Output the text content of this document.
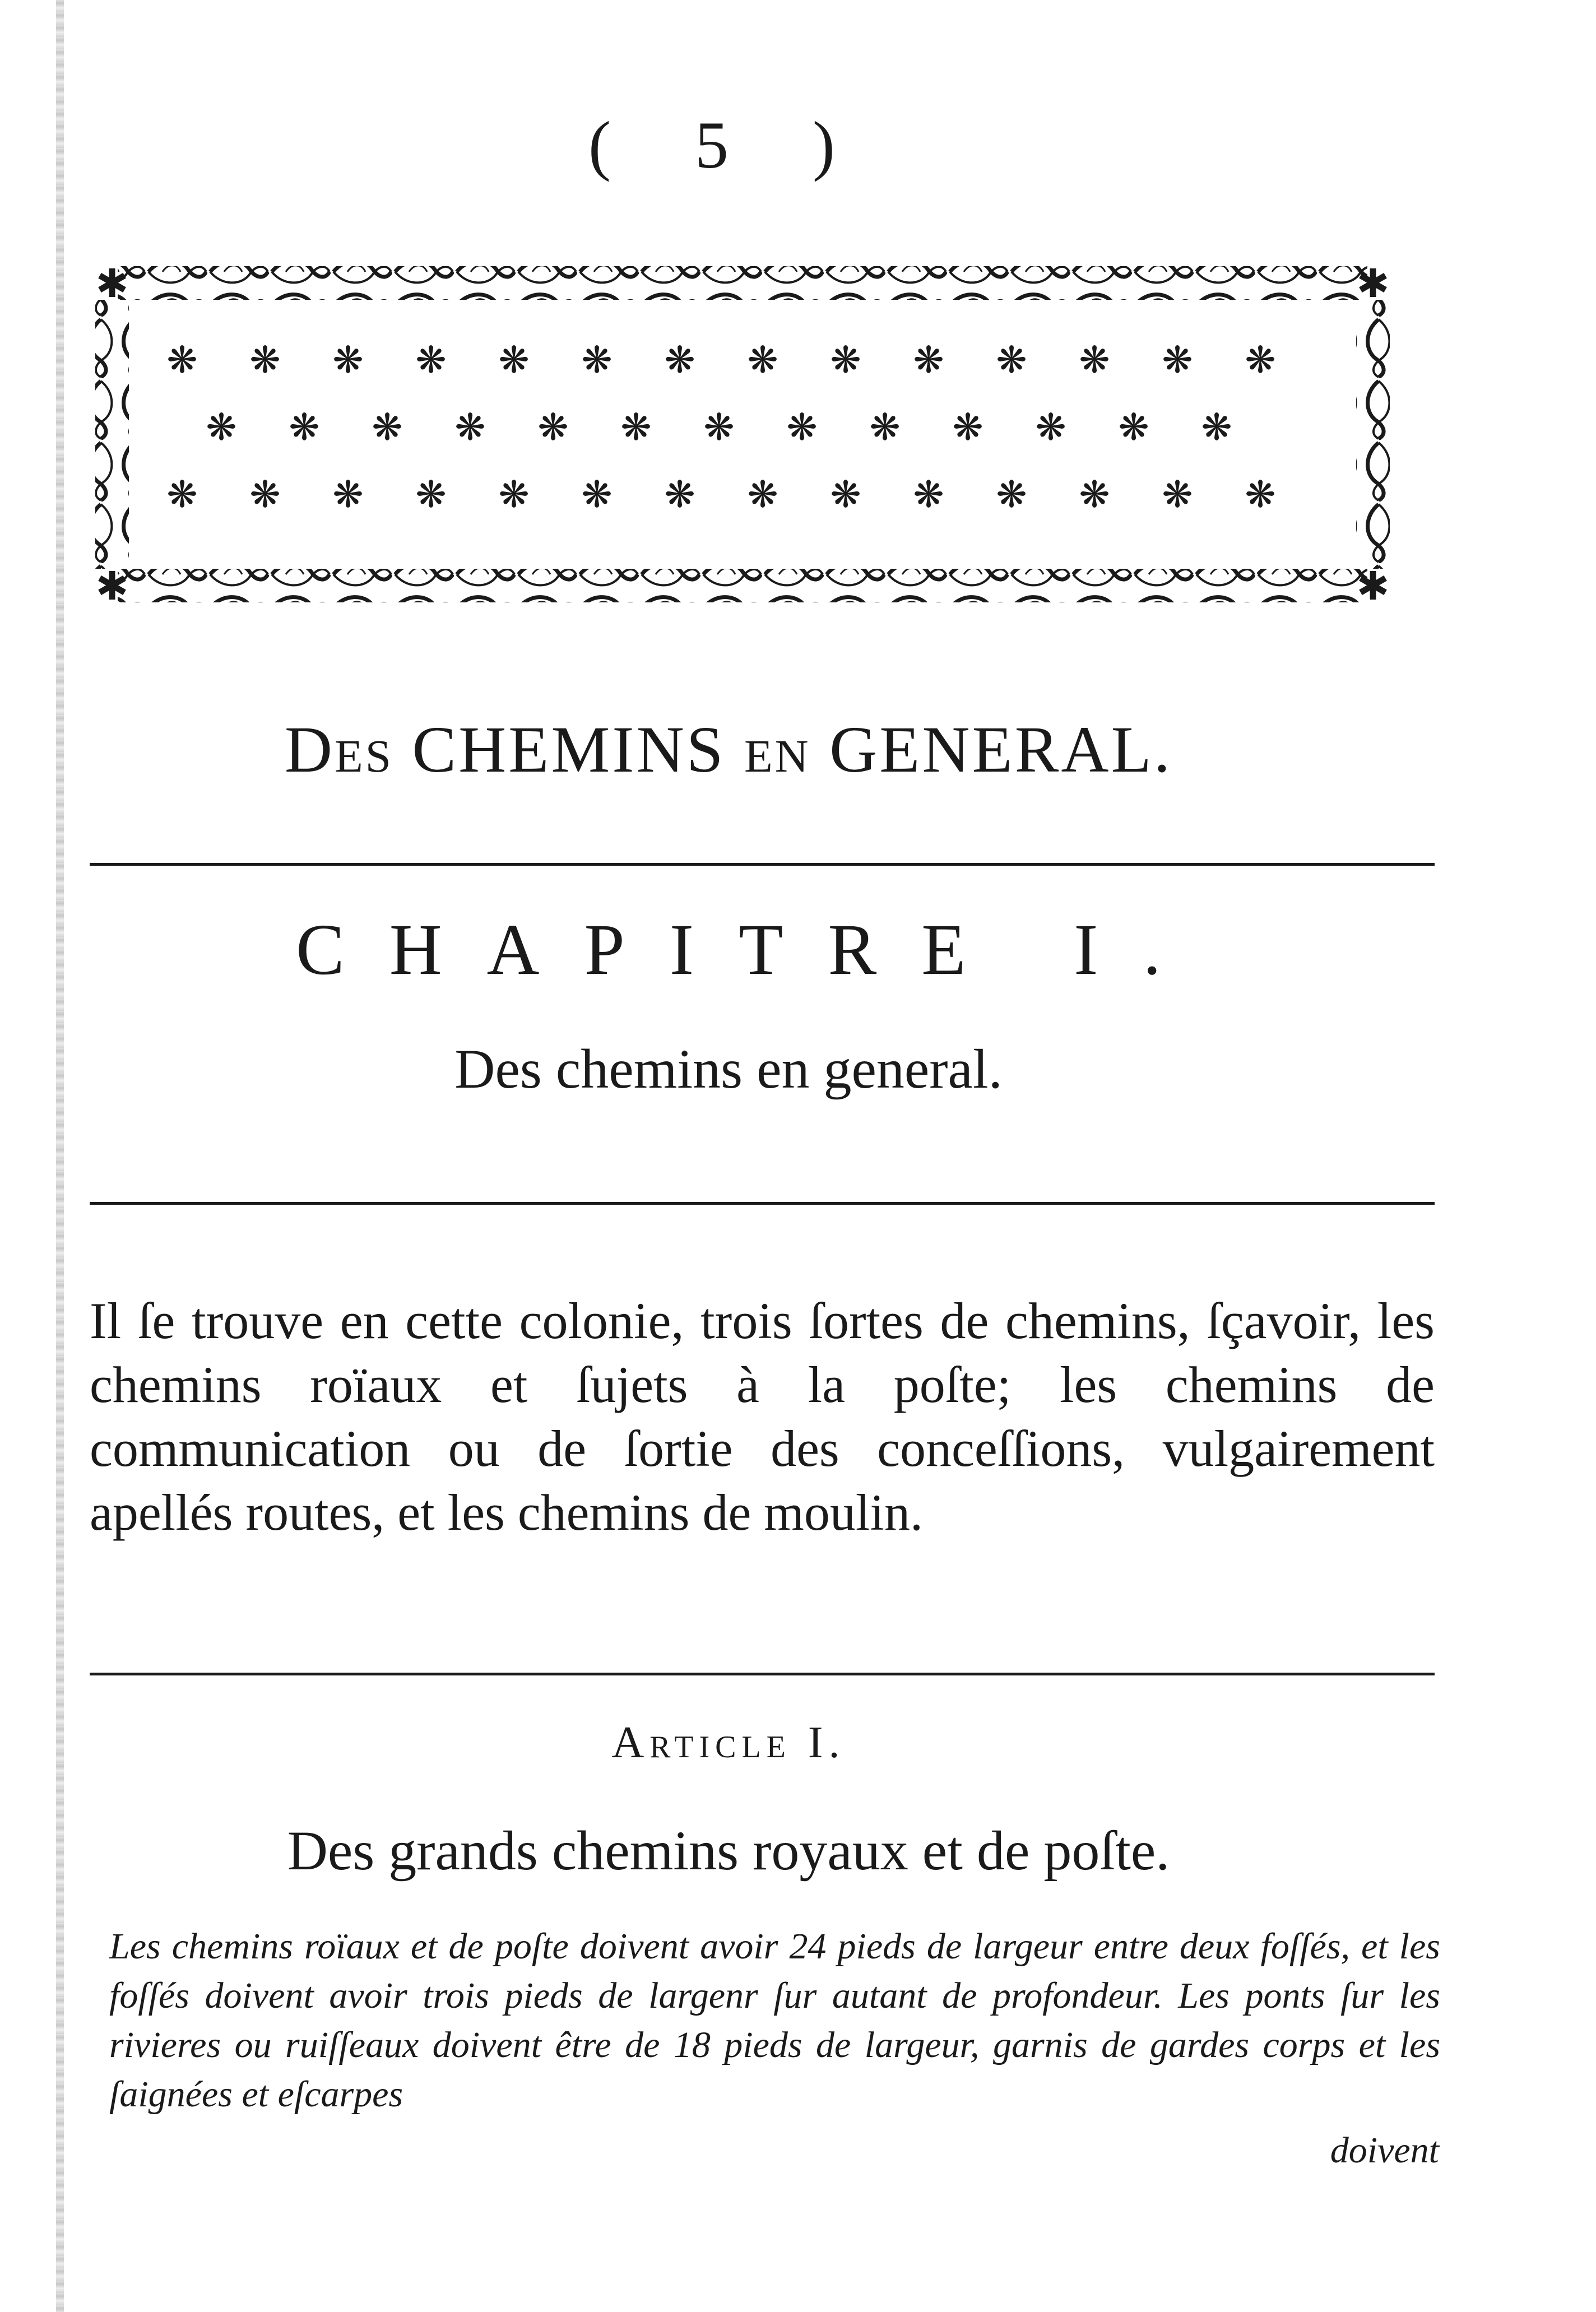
( 5 )
✱	✱
✱	✱
❋ ❋ ❋ ❋ ❋ ❋ ❋ ❋ ❋ ❋ ❋ ❋ ❋ ❋
❋ ❋ ❋ ❋ ❋ ❋ ❋ ❋ ❋ ❋ ❋ ❋ ❋
❋ ❋ ❋ ❋ ❋ ❋ ❋ ❋ ❋ ❋ ❋ ❋ ❋ ❋
Des CHEMINS en GENERAL.
CHAPITRE I.
Des chemins en general.
Il ſe trouve en cette colonie, trois ſortes de chemins, ſçavoir, les chemins roïaux et ſujets à la poſte; les chemins de communication ou de ſortie des conceſſions, vulgairement apellés routes, et les chemins de moulin.
Article I.
Des grands chemins royaux et de poſte.
Les chemins roïaux et de poſte doivent avoir 24 pieds de largeur entre deux foſſés, et les foſſés doivent avoir trois pieds de largenr ſur autant de profondeur. Les ponts ſur les rivieres ou ruiſſeaux doivent être de 18 pieds de largeur, garnis de gardes corps et les ſaignées et eſcarpes
doivent
